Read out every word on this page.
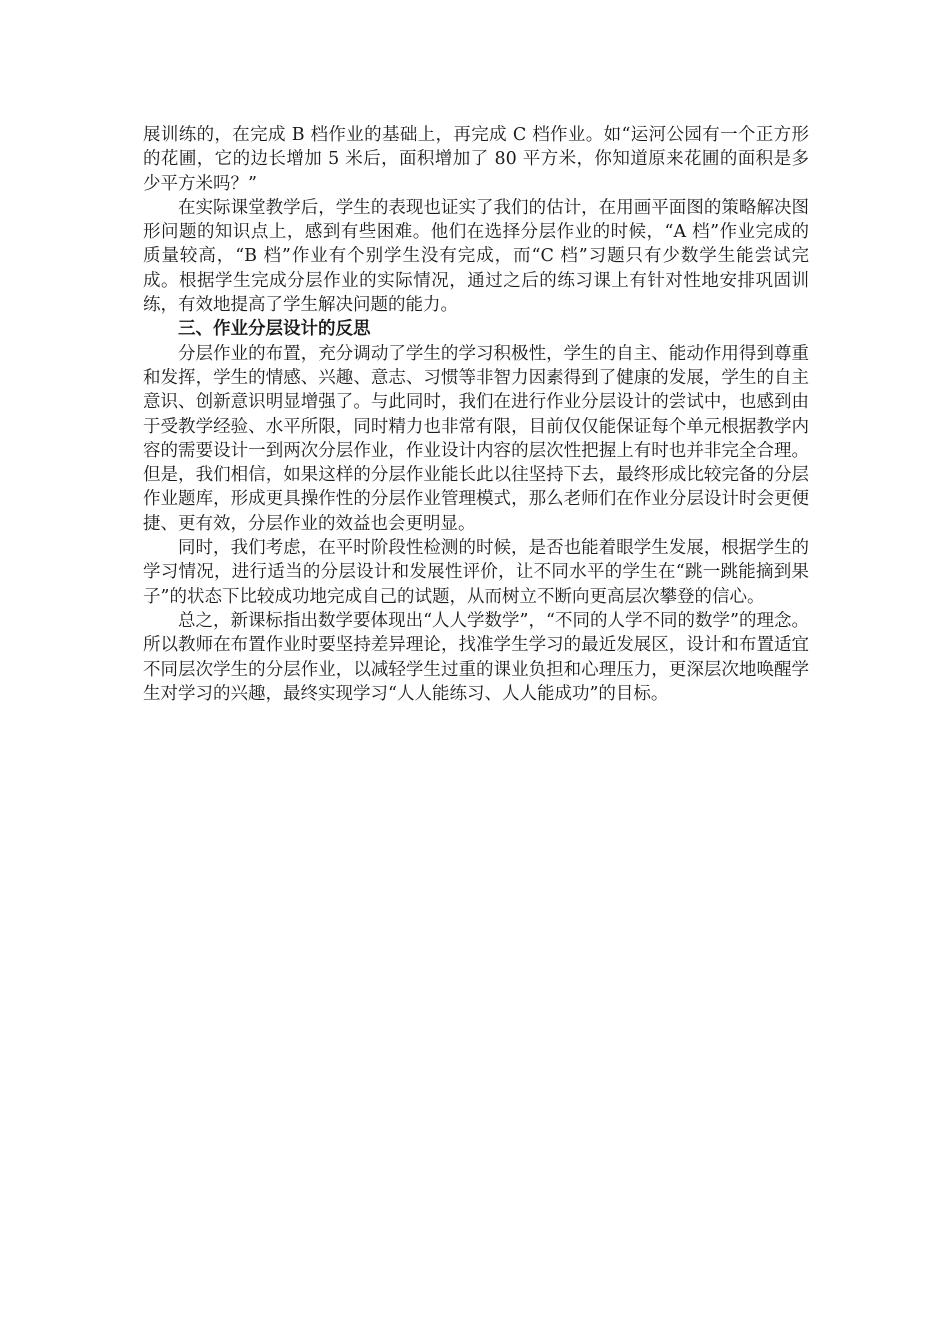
展训练的，在完成 B 档作业的基础上，再完成 C 档作业。如“运河公园有一个正方形的花圃，它的边长增加 5 米后，面积增加了 80 平方米，你知道原来花圃的面积是多少平方米吗？”

在实际课堂教学后，学生的表现也证实了我们的估计，在用画平面图的策略解决图形问题的知识点上，感到有些困难。他们在选择分层作业的时候，“A 档”作业完成的质量较高，“B 档”作业有个别学生没有完成，而“C 档”习题只有少数学生能尝试完成。根据学生完成分层作业的实际情况，通过之后的练习课上有针对性地安排巩固训练，有效地提高了学生解决问题的能力。

三、作业分层设计的反思

分层作业的布置，充分调动了学生的学习积极性，学生的自主、能动作用得到尊重和发挥，学生的情感、兴趣、意志、习惯等非智力因素得到了健康的发展，学生的自主意识、创新意识明显增强了。与此同时，我们在进行作业分层设计的尝试中，也感到由于受教学经验、水平所限，同时精力也非常有限，目前仅仅能保证每个单元根据教学内容的需要设计一到两次分层作业，作业设计内容的层次性把握上有时也并非完全合理。但是，我们相信，如果这样的分层作业能长此以往坚持下去，最终形成比较完备的分层作业题库，形成更具操作性的分层作业管理模式，那么老师们在作业分层设计时会更便捷、更有效，分层作业的效益也会更明显。

同时，我们考虑，在平时阶段性检测的时候，是否也能着眼学生发展，根据学生的学习情况，进行适当的分层设计和发展性评价，让不同水平的学生在“跳一跳能摘到果子”的状态下比较成功地完成自己的试题，从而树立不断向更高层次攀登的信心。

总之，新课标指出数学要体现出“人人学数学”，“不同的人学不同的数学”的理念。所以教师在布置作业时要坚持差异理论，找准学生学习的最近发展区，设计和布置适宜不同层次学生的分层作业，以减轻学生过重的课业负担和心理压力，更深层次地唤醒学生对学习的兴趣，最终实现学习“人人能练习、人人能成功”的目标。
